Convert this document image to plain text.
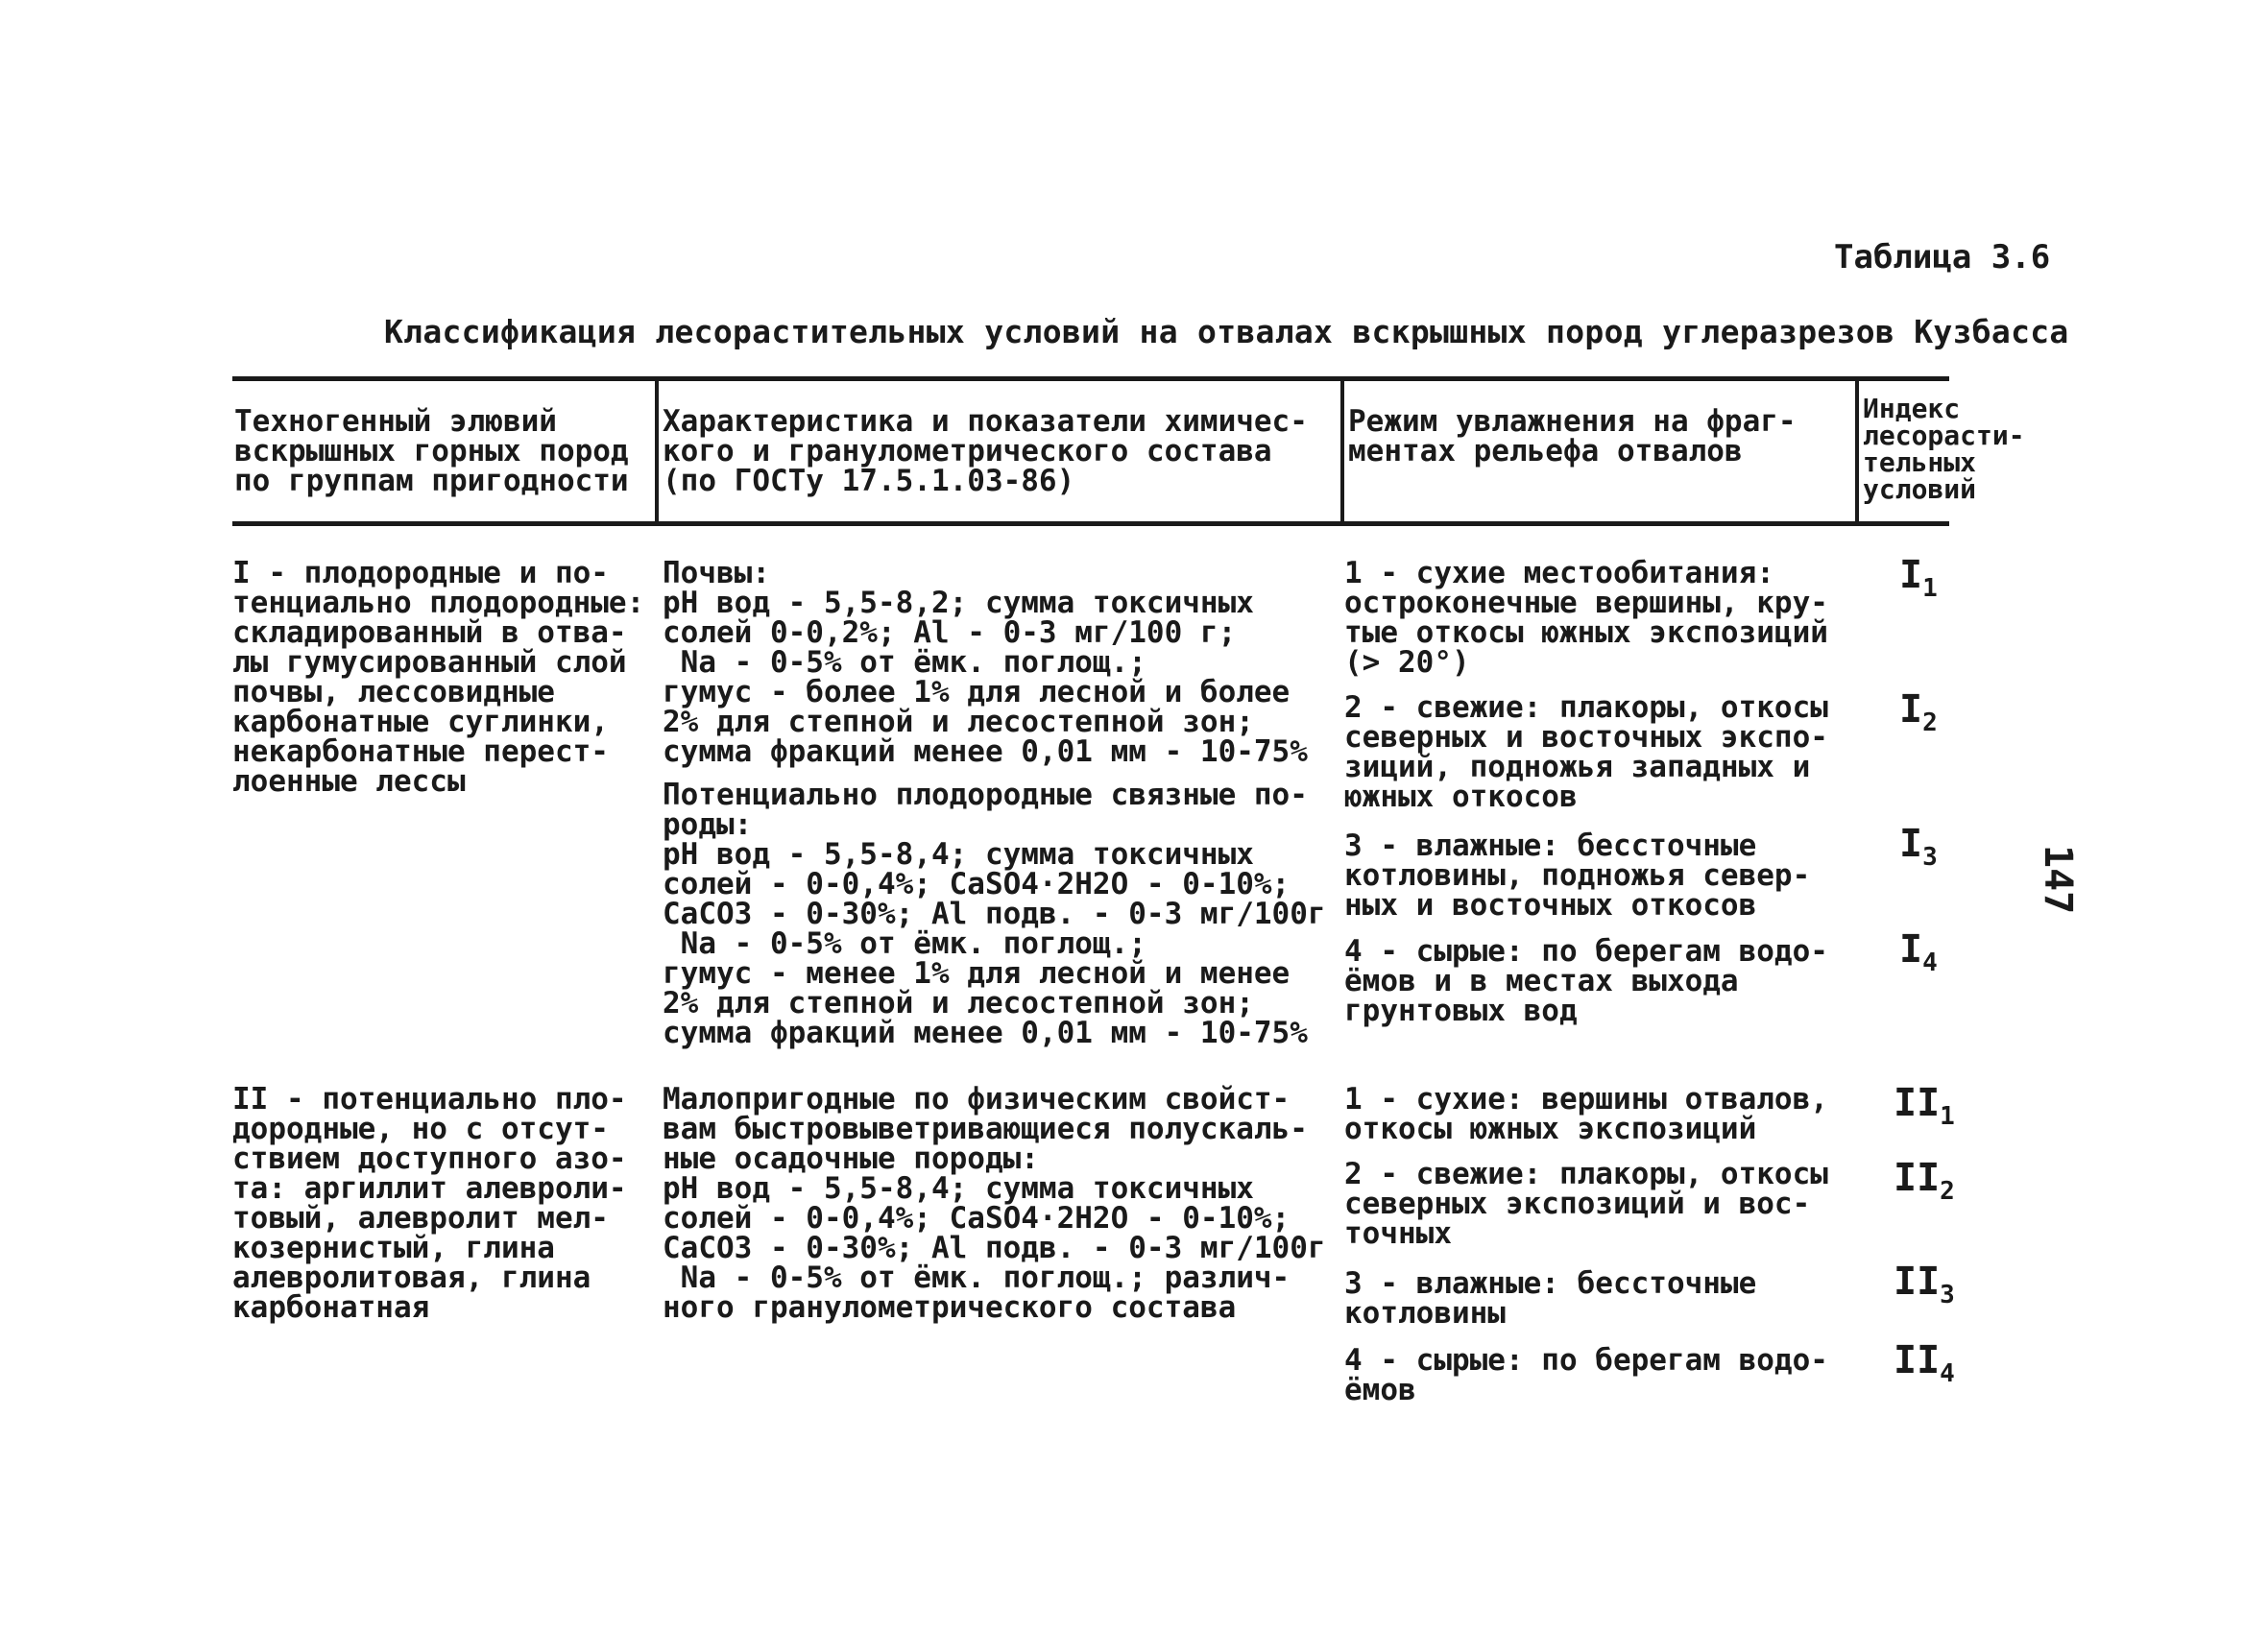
Таблица 3.6
Классификация лесорастительных условий на отвалах вскрышных пород углеразрезов Кузбасса
Техногенный элювий
вскрышных горных пород
по группам пригодности
Характеристика и показатели химичес-
кого и гранулометрического состава
(по ГОСТу 17.5.1.03-86)
Режим увлажнения на фраг-
ментах рельефа отвалов
Индекс
лесорасти-
тельных
условий
I - плодородные и по-
тенциально плодородные:
складированный в отва-
лы гумусированный слой
почвы, лессовидные
карбонатные суглинки,
некарбонатные перест-
лоенные лессы
Почвы:
pH вод - 5,5-8,2; сумма токсичных
солей 0-0,2%; Al - 0-3 мг/100 г;
Na - 0-5% от ёмк. поглощ.;
гумус - более 1% для лесной и более
2% для степной и лесостепной зон;
сумма фракций менее 0,01 мм - 10-75%
Потенциально плодородные связные по-
роды:
pH вод - 5,5-8,4; сумма токсичных
солей - 0-0,4%; CaSO4·2H2O - 0-10%;
CaCO3 - 0-30%; Al подв. - 0-3 мг/100г
Na - 0-5% от ёмк. поглощ.;
гумус - менее 1% для лесной и менее
2% для степной и лесостепной зон;
сумма фракций менее 0,01 мм - 10-75%
1 - сухие местообитания:
остроконечные вершины, кру-
тые откосы южных экспозиций
(> 20°)
$I_1$
2 - свежие: плакоры, откосы
северных и восточных экспо-
зиций, подножья западных и
южных откосов
$I_2$
3 - влажные: бессточные
котловины, подножья север-
ных и восточных откосов
$I_3$
4 - сырые: по берегам водо-
ёмов и в местах выхода
грунтовых вод
$I_4$
II - потенциально пло-
дородные, но с отсут-
ствием доступного азо-
та: аргиллит алевроли-
товый, алевролит мел-
козернистый, глина
алевролитовая, глина
карбонатная
Малопригодные по физическим свойст-
вам быстровыветривающиеся полускаль-
ные осадочные породы:
pH вод - 5,5-8,4; сумма токсичных
солей - 0-0,4%; CaSO4·2H2O - 0-10%;
CaCO3 - 0-30%; Al подв. - 0-3 мг/100г
Na - 0-5% от ёмк. поглощ.; различ-
ного гранулометрического состава
1 - сухие: вершины отвалов,
откосы южных экспозиций
$II_1$
2 - свежие: плакоры, откосы
северных экспозиций и вос-
точных
$II_2$
3 - влажные: бессточные
котловины
$II_3$
4 - сырые: по берегам водо-
ёмов
$II_4$
147
